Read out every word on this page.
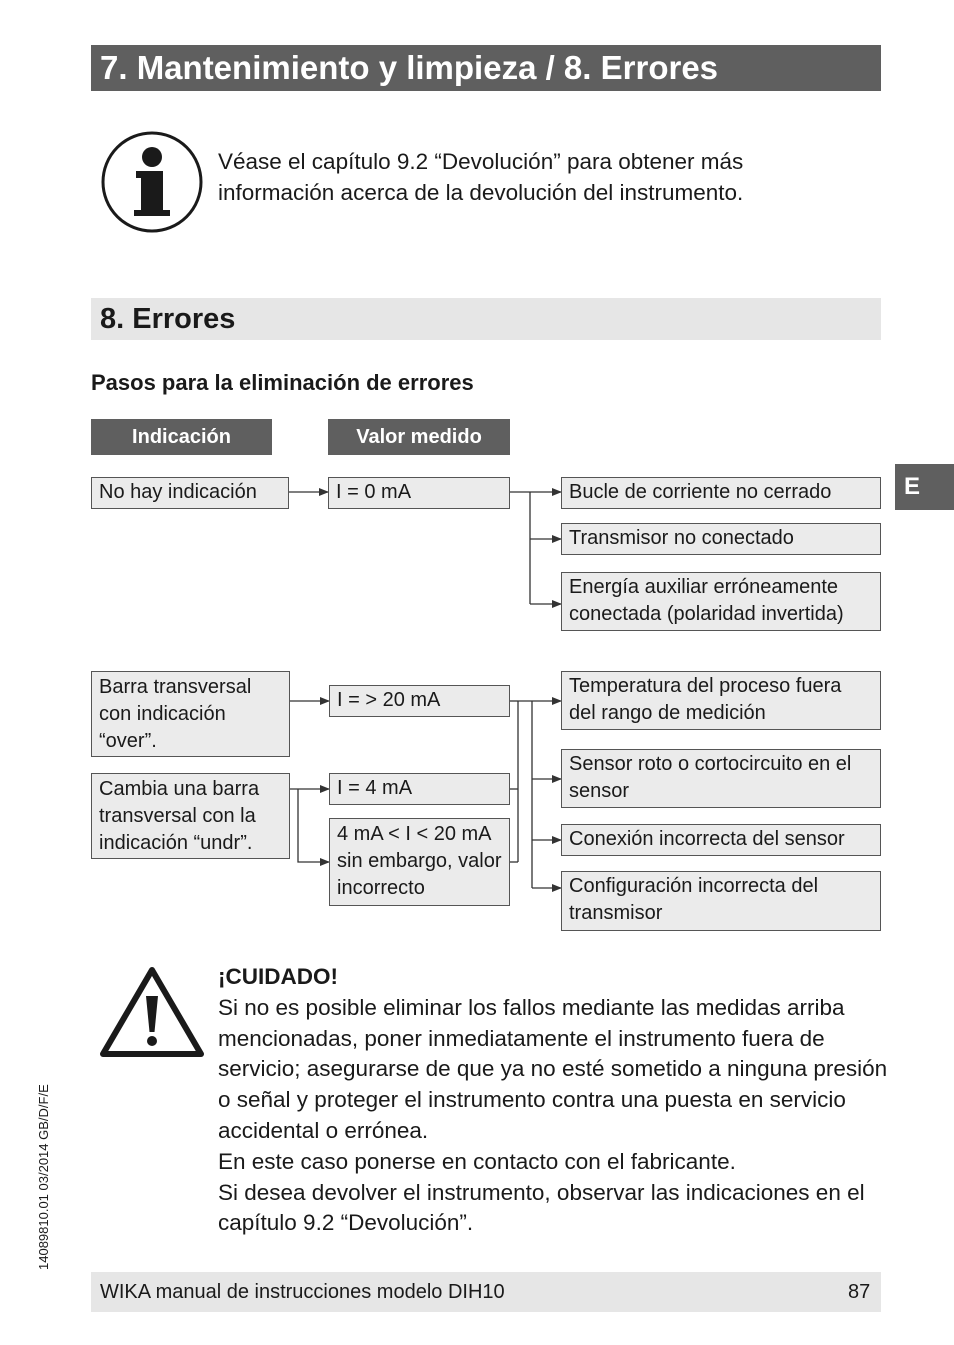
7. Mantenimiento y limpieza / 8. Errores
Véase el capítulo 9.2 “Devolución” para obtener más información acerca de la devolución del instrumento.
8. Errores
Pasos para la eliminación de errores
Indicación	Valor medido
No hay indicación	I = 0 mA	Bucle de corriente no cerrado
Transmisor no conectado
Energía auxiliar erróneamente conectada (polaridad invertida)
Barra transversal con indicación “over”.
Cambia una barra transversal con la indicación “undr”.
I = > 20 mA
I = 4 mA
4 mA < I < 20 mA sin embargo, valor incorrecto
Temperatura del proceso fuera del rango de medición
Sensor roto o cortocircuito en el sensor
Conexión incorrecta del sensor
Configuración incorrecta del transmisor
E

¡CUIDADO!

Si no es posible eliminar los fallos mediante las medidas arriba mencionadas, poner inmediatamente el instrumento fuera de servicio; asegurarse de que ya no esté sometido a ninguna presión o señal y proteger el instrumento contra una puesta en servicio accidental o errónea.

En este caso ponerse en contacto con el fabricante.

Si desea devolver el instrumento, observar las indicaciones en el capítulo 9.2 “Devolución”.

14089810.01 03/2014 GB/D/F/E
WIKA manual de instrucciones modelo DIH10	87
